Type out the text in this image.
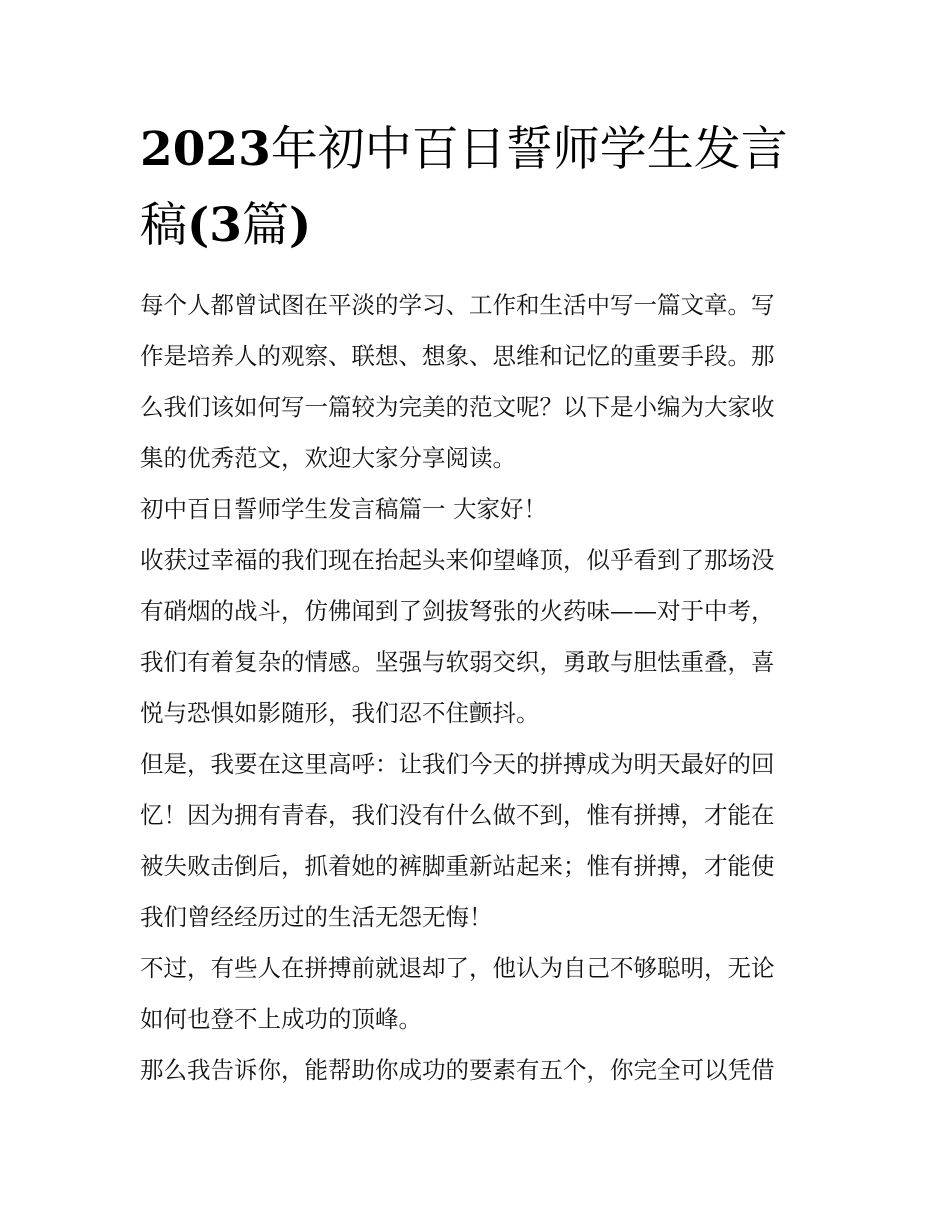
2023年初中百日誓师学生发言
稿(3篇)
每个人都曾试图在平淡的学习、工作和生活中写一篇文章。写
作是培养人的观察、联想、想象、思维和记忆的重要手段。那
么我们该如何写一篇较为完美的范文呢？以下是小编为大家收
集的优秀范文，欢迎大家分享阅读。
初中百日誓师学生发言稿篇一 大家好！
收获过幸福的我们现在抬起头来仰望峰顶，似乎看到了那场没
有硝烟的战斗，仿佛闻到了剑拔弩张的火药味——对于中考，
我们有着复杂的情感。坚强与软弱交织，勇敢与胆怯重叠，喜
悦与恐惧如影随形，我们忍不住颤抖。
但是，我要在这里高呼：让我们今天的拼搏成为明天最好的回
忆！因为拥有青春，我们没有什么做不到，惟有拼搏，才能在
被失败击倒后，抓着她的裤脚重新站起来；惟有拼搏，才能使
我们曾经经历过的生活无怨无悔！
不过，有些人在拼搏前就退却了，他认为自己不够聪明，无论
如何也登不上成功的顶峰。
那么我告诉你，能帮助你成功的要素有五个，你完全可以凭借
